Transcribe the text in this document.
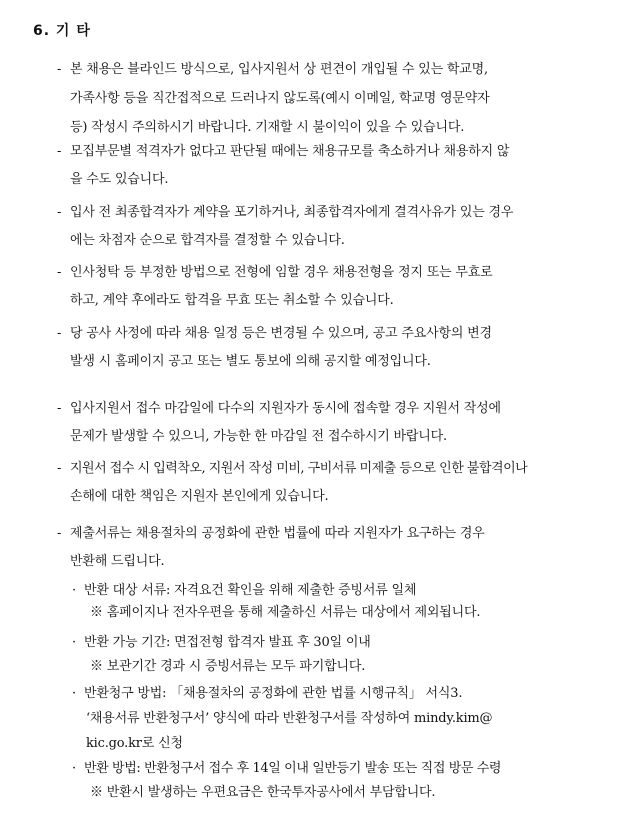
6. 기 타
- 본 채용은 블라인드 방식으로, 입사지원서 상 편견이 개입될 수 있는 학교명,
가족사항 등을 직간접적으로 드러나지 않도록(예시 이메일, 학교명 영문약자
등) 작성시 주의하시기 바랍니다. 기재할 시 불이익이 있을 수 있습니다.
- 모집부문별 적격자가 없다고 판단될 때에는 채용규모를 축소하거나 채용하지 않
을 수도 있습니다.
- 입사 전 최종합격자가 계약을 포기하거나, 최종합격자에게 결격사유가 있는 경우
에는 차점자 순으로 합격자를 결정할 수 있습니다.
- 인사청탁 등 부정한 방법으로 전형에 임할 경우 채용전형을 정지 또는 무효로
하고, 계약 후에라도 합격을 무효 또는 취소할 수 있습니다.
- 당 공사 사정에 따라 채용 일정 등은 변경될 수 있으며, 공고 주요사항의 변경
발생 시 홈페이지 공고 또는 별도 통보에 의해 공지할 예정입니다.
- 입사지원서 접수 마감일에 다수의 지원자가 동시에 접속할 경우 지원서 작성에
문제가 발생할 수 있으니, 가능한 한 마감일 전 접수하시기 바랍니다.
- 지원서 접수 시 입력착오, 지원서 작성 미비, 구비서류 미제출 등으로 인한 불합격이나
손해에 대한 책임은 지원자 본인에게 있습니다.
- 제출서류는 채용절차의 공정화에 관한 법률에 따라 지원자가 요구하는 경우
반환해 드립니다.
· 반환 대상 서류: 자격요건 확인을 위해 제출한 증빙서류 일체
※ 홈페이지나 전자우편을 통해 제출하신 서류는 대상에서 제외됩니다.
· 반환 가능 기간: 면접전형 합격자 발표 후 30일 이내
※ 보관기간 경과 시 증빙서류는 모두 파기합니다.
· 반환청구 방법: 「채용절차의 공정화에 관한 법률 시행규칙」 서식3.
‘채용서류 반환청구서’ 양식에 따라 반환청구서를 작성하여 mindy.kim@
kic.go.kr로 신청
· 반환 방법: 반환청구서 접수 후 14일 이내 일반등기 발송 또는 직접 방문 수령
※ 반환시 발생하는 우편요금은 한국투자공사에서 부담합니다.
